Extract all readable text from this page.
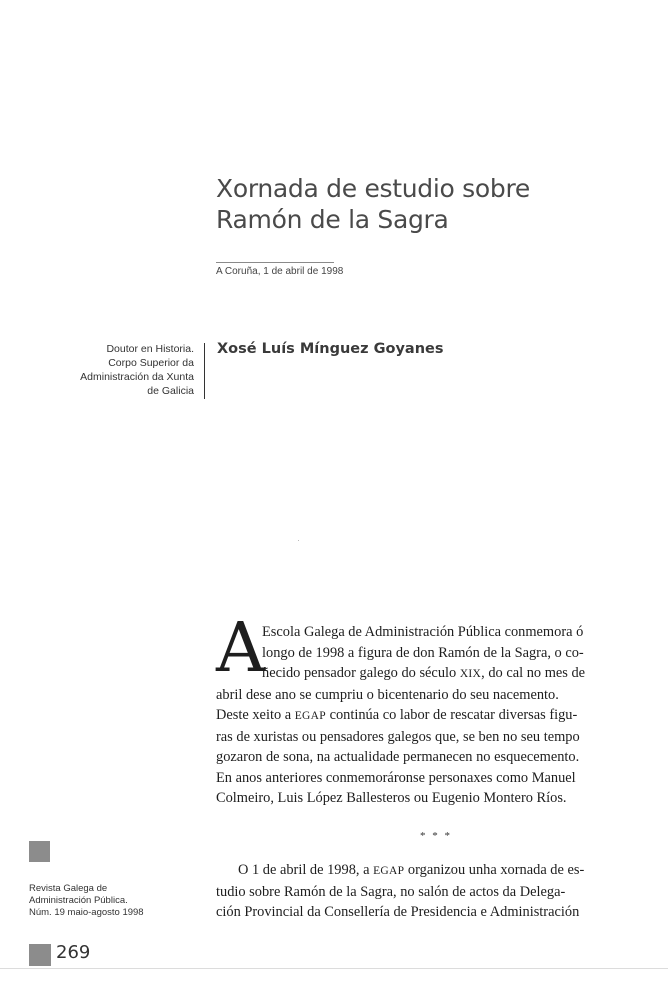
Xornada de estudio sobre
Ramón de la Sagra
A Coruña, 1 de abril de 1998
Doutor en Historia.
Corpo Superior da
Administración da Xunta
de Galicia
Xosé Luís Mínguez Goyanes
A
Escola Galega de Administración Pública conmemora ó
longo de 1998 a figura de don Ramón de la Sagra, o co-
ñecido pensador galego do século XIX, do cal no mes de
abril dese ano se cumpriu o bicentenario do seu nacemento.
Deste xeito a EGAP continúa co labor de rescatar diversas figu-
ras de xuristas ou pensadores galegos que, se ben no seu tempo
gozaron de sona, na actualidade permanecen no esquecemento.
En anos anteriores conmemoráronse personaxes como Manuel
Colmeiro, Luis López Ballesteros ou Eugenio Montero Ríos.
* * *
O 1 de abril de 1998, a EGAP organizou unha xornada de es-
tudio sobre Ramón de la Sagra, no salón de actos da Delega-
ción Provincial da Consellería de Presidencia e Administración
Revista Galega de
Administración Pública.
Núm. 19 maio-agosto 1998
269
